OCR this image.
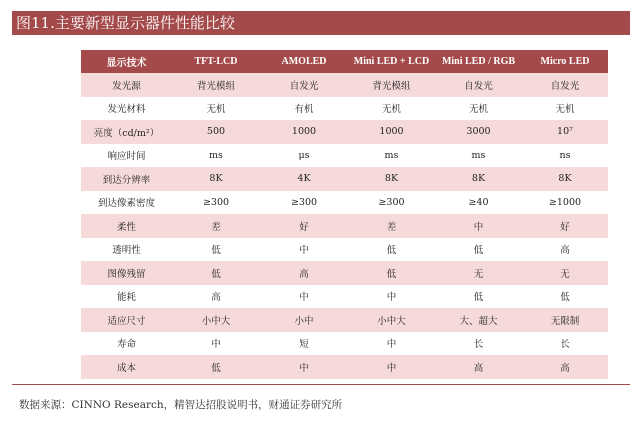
图11.主要新型显示器件性能比较
显示技术	TFT-LCD	AMOLED	Mini LED + LCD	Mini LED / RGB	Micro LED
发光源	背光模组	自发光	背光模组	自发光	自发光
发光材料	无机	有机	无机	无机	无机
亮度（cd/m²）	500	1000	1000	3000	10⁷
响应时间	ms	μs	ms	ms	ns
到达分辨率	8K	4K	8K	8K	8K
到达像素密度	≥300	≥300	≥300	≥40	≥1000
柔性	差	好	差	中	好
透明性	低	中	低	低	高
图像残留	低	高	低	无	无
能耗	高	中	中	低	低
适应尺寸	小中大	小中	小中大	大、超大	无限制
寿命	中	短	中	长	长
成本	低	中	中	高	高
数据来源：CINNO Research，精智达招股说明书，财通证券研究所
